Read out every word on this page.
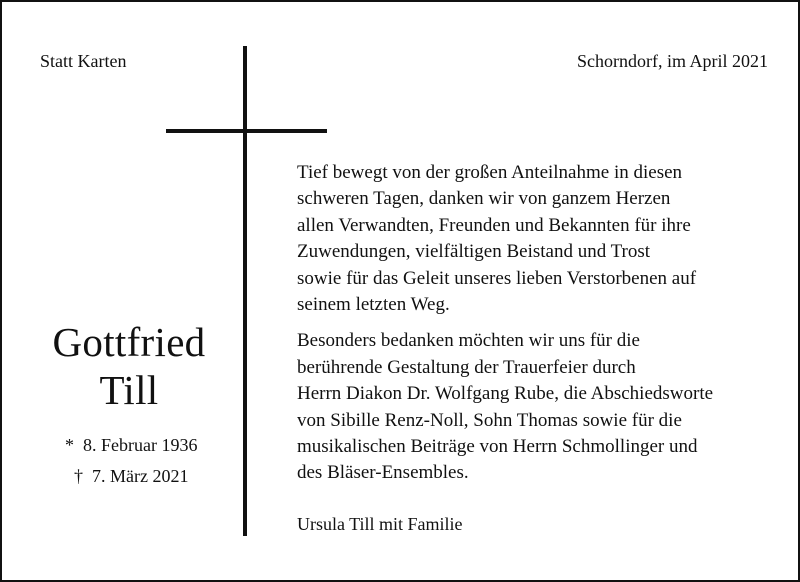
Statt Karten	Schorndorf, im April 2021
Gottfried
Till
* 8. Februar 1936
† 7. März 2021

Tief bewegt von der großen Anteilnahme in diesen
schweren Tagen, danken wir von ganzem Herzen
allen Verwandten, Freunden und Bekannten für ihre
Zuwendungen, vielfältigen Beistand und Trost
sowie für das Geleit unseres lieben Verstorbenen auf
seinem letzten Weg.

Besonders bedanken möchten wir uns für die
berührende Gestaltung der Trauerfeier durch
Herrn Diakon Dr. Wolfgang Rube, die Abschiedsworte
von Sibille Renz-Noll, Sohn Thomas sowie für die
musikalischen Beiträge von Herrn Schmollinger und
des Bläser-Ensembles.

Ursula Till mit Familie
